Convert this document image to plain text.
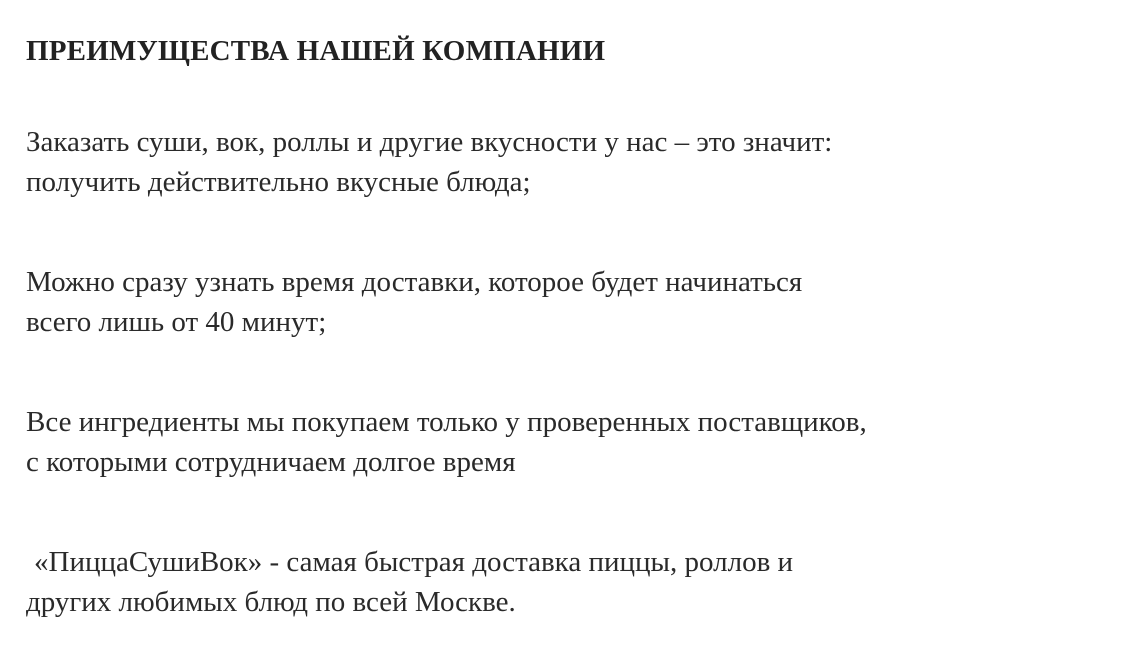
ПРЕИМУЩЕСТВА НАШЕЙ КОМПАНИИ

Заказать суши, вок, роллы и другие вкусности у нас – это значит:
получить действительно вкусные блюда;

Можно сразу узнать время доставки, которое будет начинаться
всего лишь от 40 минут;

Все ингредиенты мы покупаем только у проверенных поставщиков,
с которыми сотрудничаем долгое время

«ПиццаСушиВок» - самая быстрая доставка пиццы, роллов и
других любимых блюд по всей Москве.
